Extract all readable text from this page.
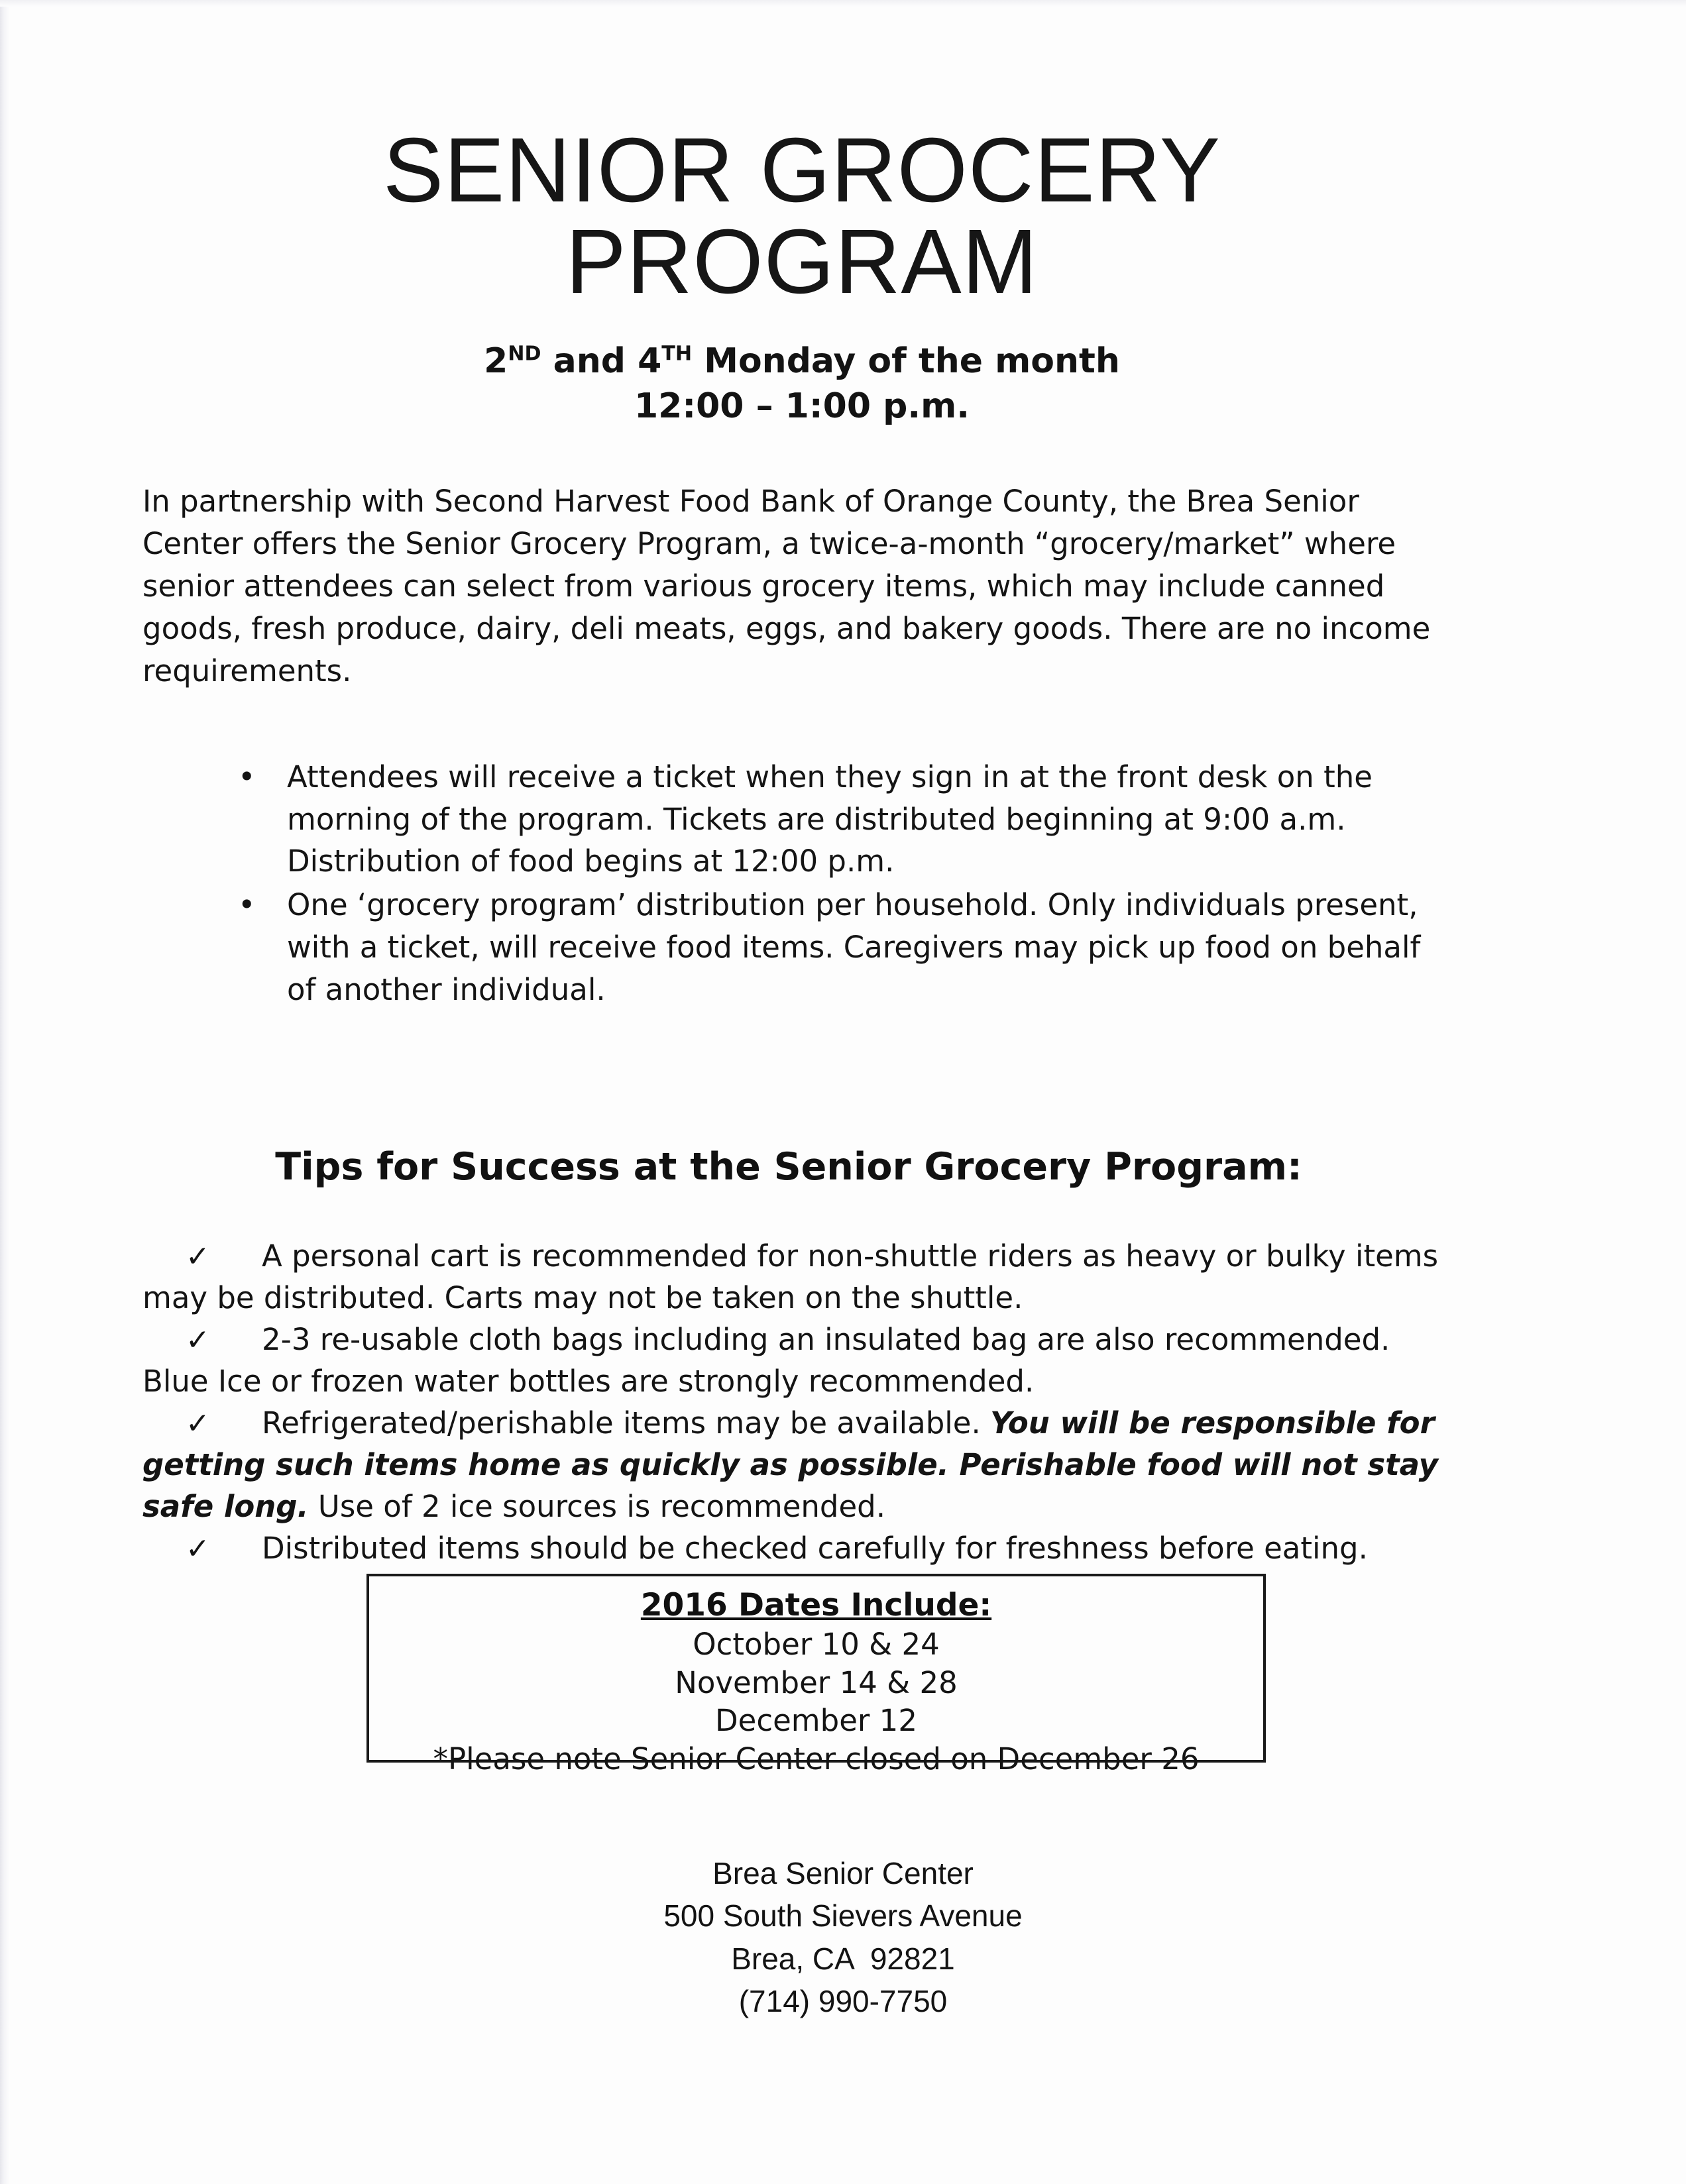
SENIOR GROCERY PROGRAM
2ND and 4TH Monday of the month
12:00 – 1:00 p.m.

In partnership with Second Harvest Food Bank of Orange County, the Brea Senior Center offers the Senior Grocery Program, a twice-a-month “grocery/market” where senior attendees can select from various grocery items, which may include canned goods, fresh produce, dairy, deli meats, eggs, and bakery goods. There are no income requirements.

• Attendees will receive a ticket when they sign in at the front desk on the morning of the program. Tickets are distributed beginning at 9:00 a.m. Distribution of food begins at 12:00 p.m.
• One ‘grocery program’ distribution per household. Only individuals present, with a ticket, will receive food items. Caregivers may pick up food on behalf of another individual.
Tips for Success at the Senior Grocery Program:
✓ A personal cart is recommended for non-shuttle riders as heavy or bulky items may be distributed. Carts may not be taken on the shuttle.
✓ 2-3 re-usable cloth bags including an insulated bag are also recommended. Blue Ice or frozen water bottles are strongly recommended.
✓ Refrigerated/perishable items may be available. You will be responsible for getting such items home as quickly as possible. Perishable food will not stay safe long. Use of 2 ice sources is recommended.
✓ Distributed items should be checked carefully for freshness before eating.
2016 Dates Include:
October 10 & 24
November 14 & 28
December 12
*Please note Senior Center closed on December 26
Brea Senior Center
500 South Sievers Avenue
Brea, CA  92821
(714) 990-7750
